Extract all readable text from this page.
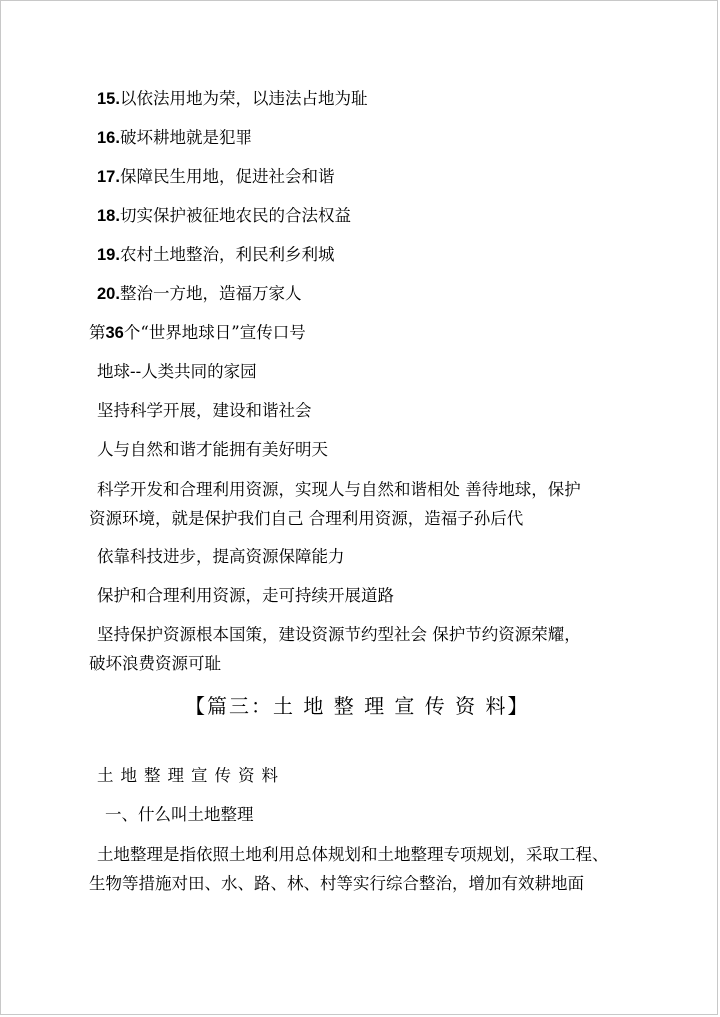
15.以依法用地为荣，以违法占地为耻
16.破坏耕地就是犯罪
17.保障民生用地，促进社会和谐
18.切实保护被征地农民的合法权益
19.农村土地整治，利民利乡利城
20.整治一方地，造福万家人
第36个“世界地球日”宣传口号
地球--人类共同的家园
坚持科学开展，建设和谐社会
人与自然和谐才能拥有美好明天
科学开发和合理利用资源，实现人与自然和谐相处 善待地球，保护
资源环境，就是保护我们自己 合理利用资源，造福子孙后代
依靠科技进步，提高资源保障能力
保护和合理利用资源，走可持续开展道路
坚持保护资源根本国策，建设资源节约型社会 保护节约资源荣耀，
破坏浪费资源可耻
【篇三：土 地 整 理 宣 传 资 料】
土地整理宣传资料
一、什么叫土地整理
土地整理是指依照土地利用总体规划和土地整理专项规划，采取工程、
生物等措施对田、水、路、林、村等实行综合整治，增加有效耕地面
